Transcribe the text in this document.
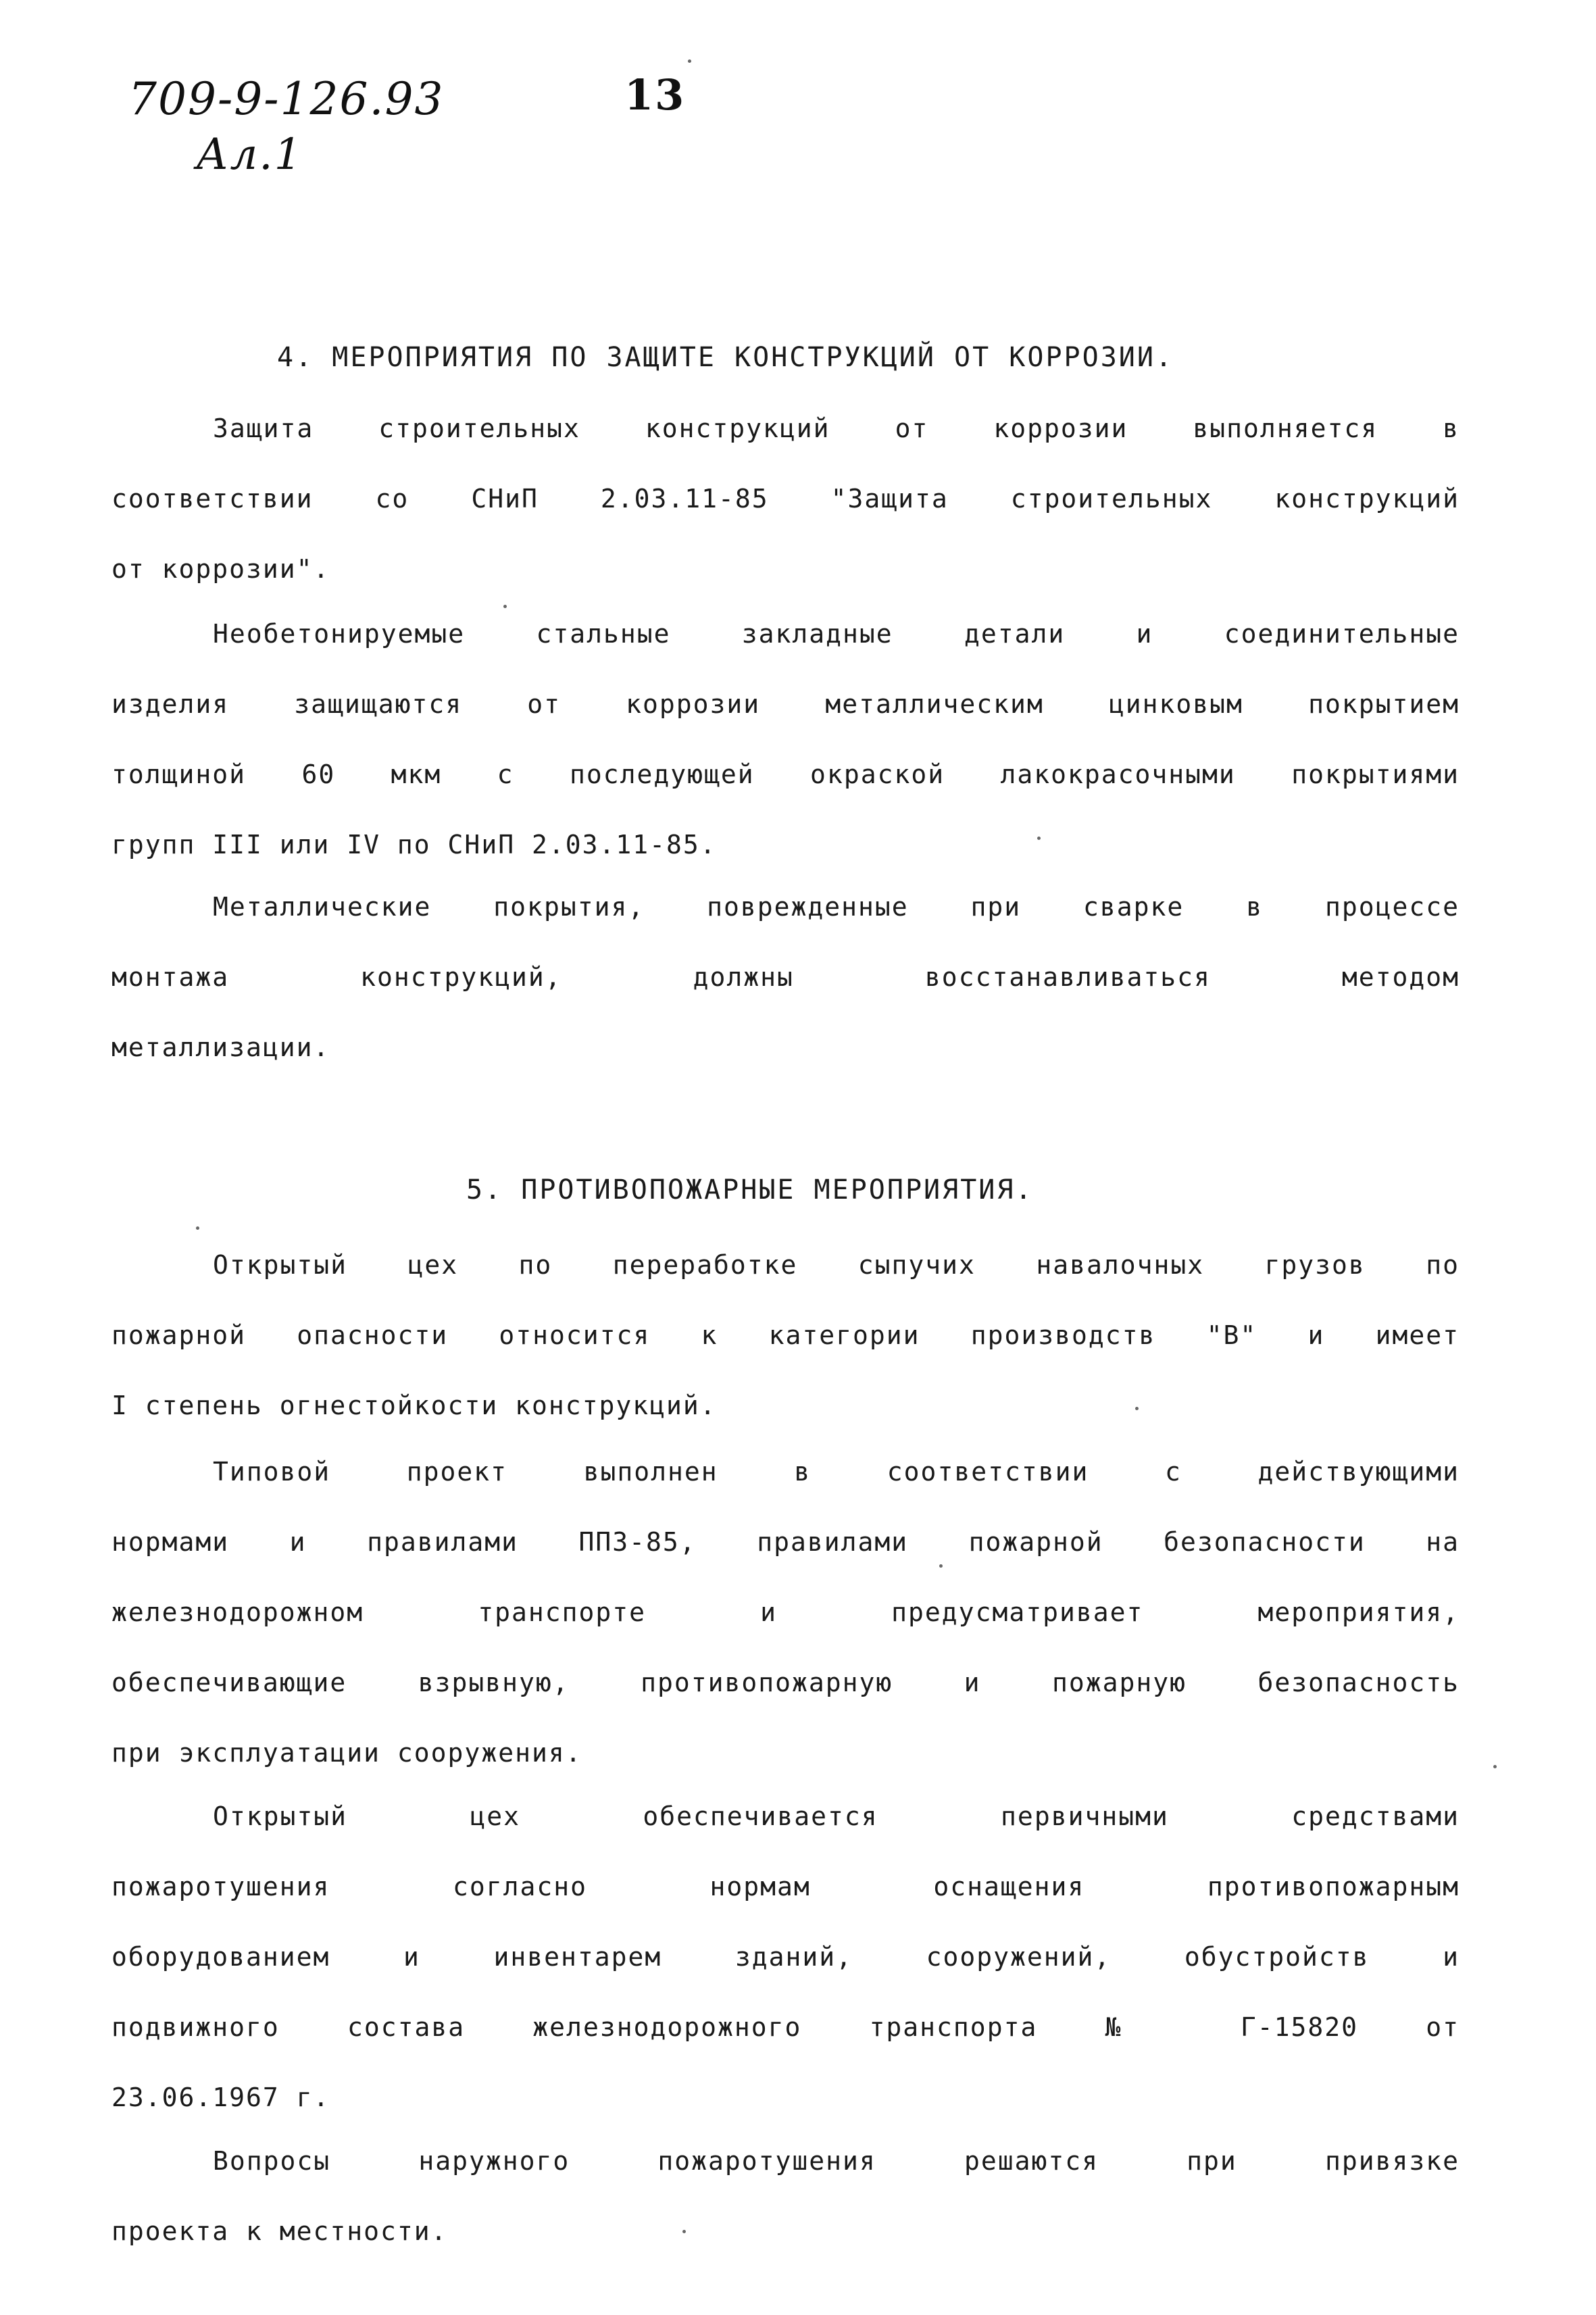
709-9-126.93
Ал.1
13
4. МЕРОПРИЯТИЯ ПО ЗАЩИТЕ КОНСТРУКЦИЙ ОТ КОРРОЗИИ.
Защита строительных конструкций от коррозии выполняется в
соответствии со СНиП 2.03.11-85 "Защита строительных конструкций
от коррозии".
Необетонируемые стальные закладные детали и соединительные
изделия защищаются от коррозии металлическим цинковым покрытием
толщиной 60 мкм с последующей окраской лакокрасочными покрытиями
групп III или IV по СНиП 2.03.11-85.
Металлические покрытия, поврежденные при сварке в процессе
монтажа конструкций, должны восстанавливаться методом
металлизации.
5. ПРОТИВОПОЖАРНЫЕ МЕРОПРИЯТИЯ.
Открытый цех по переработке сыпучих навалочных грузов по
пожарной опасности относится к категории производств "В" и имеет
I степень огнестойкости конструкций.
Типовой проект выполнен в соответствии с действующими
нормами и правилами ППЗ-85, правилами пожарной безопасности на
железнодорожном транспорте и предусматривает мероприятия,
обеспечивающие взрывную, противопожарную и пожарную безопасность
при эксплуатации сооружения.
Открытый цех обеспечивается первичными средствами
пожаротушения согласно нормам оснащения противопожарным
оборудованием и инвентарем зданий, сооружений, обустройств и
подвижного состава железнодорожного транспорта № Г-15820 от
23.06.1967 г.
Вопросы наружного пожаротушения решаются при привязке
проекта к местности.
